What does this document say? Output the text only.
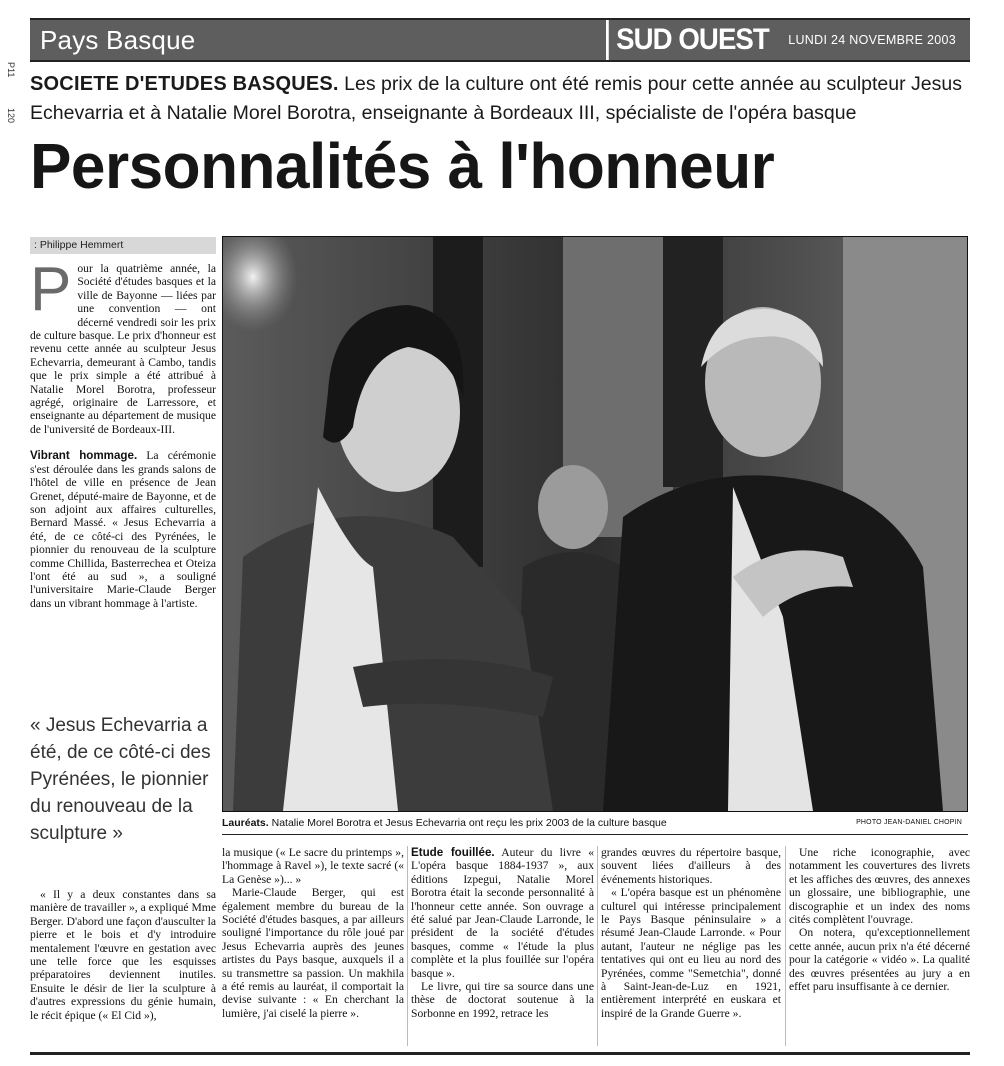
P11
120
Pays Basque	SUD OUEST	LUNDI 24 NOVEMBRE 2003
SOCIETE D'ETUDES BASQUES. Les prix de la culture ont été remis pour cette année au sculpteur Jesus Echevarria et à Natalie Morel Borotra, enseignante à Bordeaux III, spécialiste de l'opéra basque
Personnalités à l'honneur
: Philippe Hemmert
P our la quatrième année, la Société d'études basques et la ville de Bayonne — liées par une convention — ont décerné vendredi soir les prix de culture basque. Le prix d'honneur est revenu cette année au sculpteur Jesus Echevarria, demeurant à Cambo, tandis que le prix simple a été attribué à Natalie Morel Borotra, professeur agrégé, originaire de Larressore, et enseignante au département de musique de l'université de Bordeaux-III.

Vibrant hommage. La cérémonie s'est déroulée dans les grands salons de l'hôtel de ville en présence de Jean Grenet, député-maire de Bayonne, et de son adjoint aux affaires culturelles, Bernard Massé. « Jesus Echevarria a été, de ce côté-ci des Pyrénées, le pionnier du renouveau de la sculpture comme Chillida, Basterrechea et Oteiza l'ont été au sud », a souligné l'universitaire Marie-Claude Berger dans un vibrant hommage à l'artiste.

« Jesus Echevarria a été, de ce côté-ci des Pyrénées, le pionnier du renouveau de la sculpture »

« Il y a deux constantes dans sa manière de travailler », a expliqué Mme Berger. D'abord une façon d'ausculter la pierre et le bois et d'y introduire mentalement l'œuvre en gestation avec une telle force que les esquisses préparatoires deviennent inutiles. Ensuite le désir de lier la sculpture à d'autres expressions du génie humain, le récit épique (« El Cid »),

Lauréats. Natalie Morel Borotra et Jesus Echevarria ont reçu les prix 2003 de la culture basque	PHOTO JEAN-DANIEL CHOPIN

la musique (« Le sacre du printemps », l'hommage à Ravel »), le texte sacré (« La Genèse »)... »

Marie-Claude Berger, qui est également membre du bureau de la Société d'études basques, a par ailleurs souligné l'importance du rôle joué par Jesus Echevarria auprès des jeunes artistes du Pays basque, auxquels il a su transmettre sa passion. Un makhila a été remis au lauréat, il comportait la devise suivante : « En cherchant la lumière, j'ai ciselé la pierre ».

Etude fouillée. Auteur du livre « L'opéra basque 1884-1937 », aux éditions Izpegui, Natalie Morel Borotra était la seconde personnalité à l'honneur cette année. Son ouvrage a été salué par Jean-Claude Larronde, le président de la société d'études basques, comme « l'étude la plus complète et la plus fouillée sur l'opéra basque ».

Le livre, qui tire sa source dans une thèse de doctorat soutenue à la Sorbonne en 1992, retrace les

grandes œuvres du répertoire basque, souvent liées d'ailleurs à des événements historiques.

« L'opéra basque est un phénomène culturel qui intéresse principalement le Pays Basque péninsulaire » a résumé Jean-Claude Larronde. « Pour autant, l'auteur ne néglige pas les tentatives qui ont eu lieu au nord des Pyrénées, comme "Semetchia", donné à Saint-Jean-de-Luz en 1921, entièrement interprété en euskara et inspiré de la Grande Guerre ».

Une riche iconographie, avec notamment les couvertures des livrets et les affiches des œuvres, des annexes un glossaire, une bibliographie, une discographie et un index des noms cités complètent l'ouvrage.

On notera, qu'exceptionnellement cette année, aucun prix n'a été décerné pour la catégorie « vidéo ». La qualité des œuvres présentées au jury a en effet paru insuffisante à ce dernier.
